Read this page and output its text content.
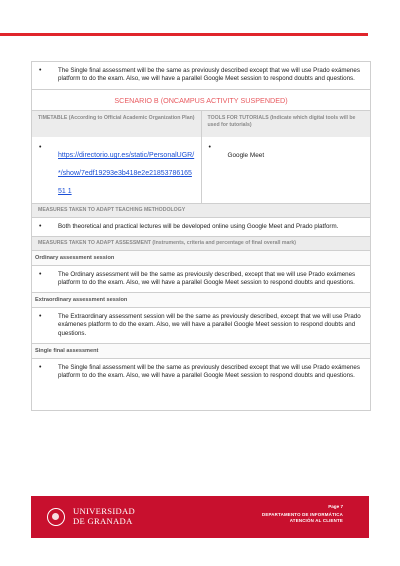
• The Single final assessment will be the same as previously described except that we will use Prado exámenes platform to do the exam. Also, we will have a parallel Google Meet session to respond doubts and questions.
SCENARIO B (ONCAMPUS ACTIVITY SUSPENDED)
TIMETABLE (According to Official Academic Organization Plan)
• https://directorio.ugr.es/static/PersonalUGR/*/show/7edf19293e3b418e2e2185378616551 1
TOOLS FOR TUTORIALS (Indicate which digital tools will be used for tutorials)
• Google Meet
MEASURES TAKEN TO ADAPT TEACHING METHODOLOGY
• Both theoretical and practical lectures will be developed online using Google Meet and Prado platform.
MEASURES TAKEN TO ADAPT ASSESSMENT (Instruments, criteria and percentage of final overall mark)
Ordinary assessment session
• The Ordinary assessment will be the same as previously described, except that we will use Prado exámenes platform to do the exam. Also, we will have a parallel Google Meet session to respond doubts and questions.
Extraordinary assessment session
• The Extraordinary assessment session will be the same as previously described, except that we will use Prado exámenes platform to do the exam. Also, we will have a parallel Google Meet session to respond doubts and questions.
Single final assessment
• The Single final assessment will be the same as previously described except that we will use Prado exámenes platform to do the exam. Also, we will have a parallel Google Meet session to respond doubts and questions.
UNIVERSIDAD
DE GRANADA
Page 7
DEPARTAMENTO DE INFORMÁTICA
ATENCIÓN AL CLIENTE
